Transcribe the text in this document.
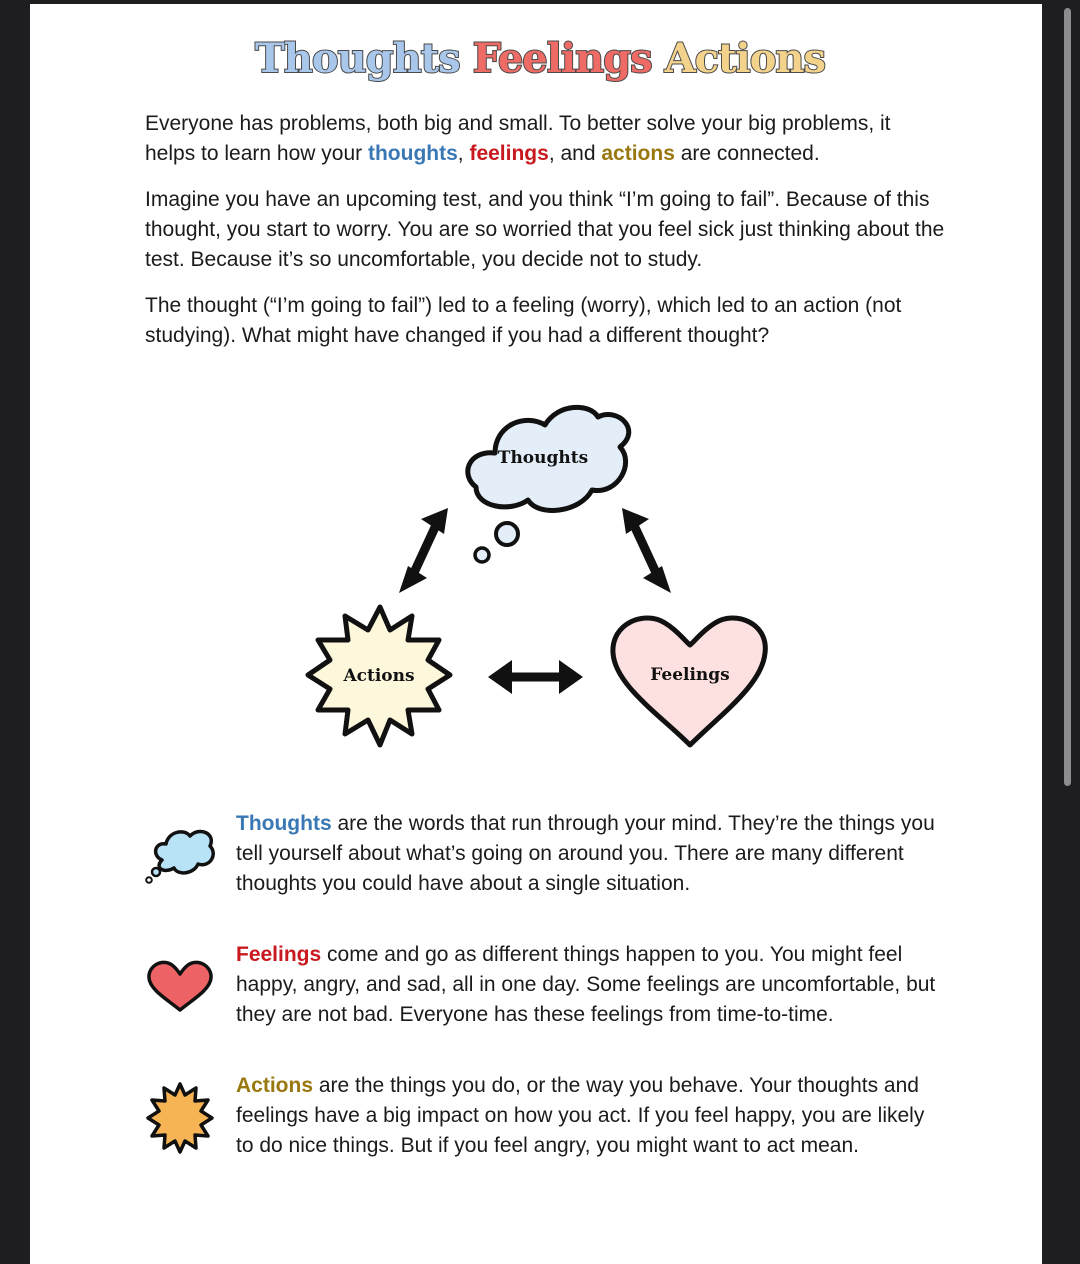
Thoughts Feelings Actions

Everyone has problems, both big and small. To better solve your big problems, it helps to learn how your thoughts, feelings, and actions are connected.

Imagine you have an upcoming test, and you think “I’m going to fail”. Because of this thought, you start to worry. You are so worried that you feel sick just thinking about the test. Because it’s so uncomfortable, you decide not to study.

The thought (“I’m going to fail”) led to a feeling (worry), which led to an action (not studying). What might have changed if you had a different thought?

Thoughts
Actions	Feelings

Thoughts are the words that run through your mind. They’re the things you tell yourself about what’s going on around you. There are many different thoughts you could have about a single situation.

Feelings come and go as different things happen to you. You might feel happy, angry, and sad, all in one day. Some feelings are uncomfortable, but they are not bad. Everyone has these feelings from time-to-time.

Actions are the things you do, or the way you behave. Your thoughts and feelings have a big impact on how you act. If you feel happy, you are likely to do nice things. But if you feel angry, you might want to act mean.
